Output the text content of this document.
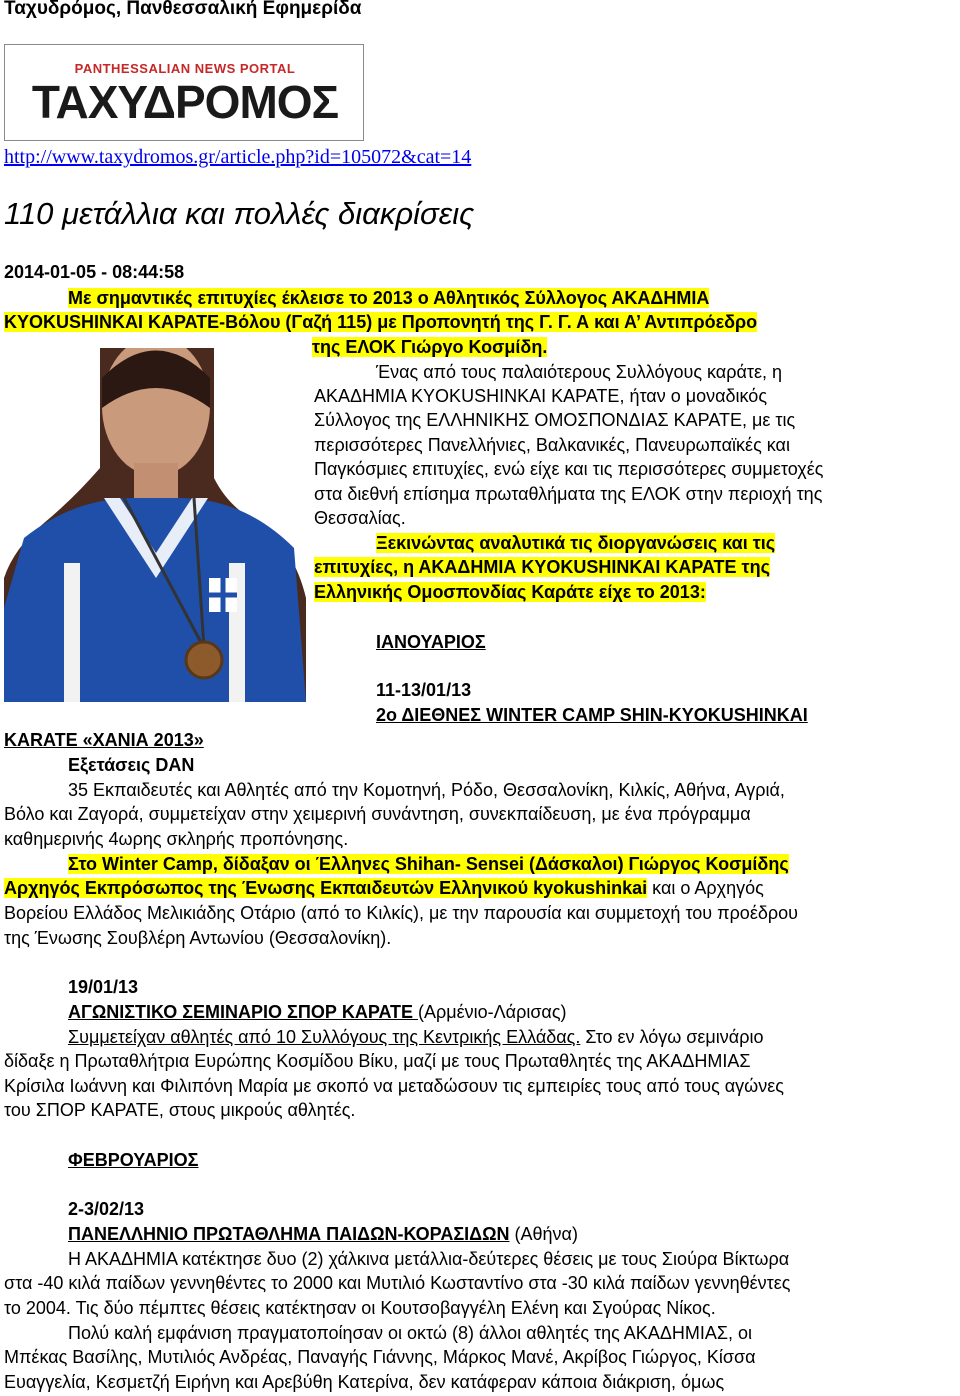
Ταχυδρόμος, Πανθεσσαλική Εφημερίδα
PANTHESSALIAN NEWS PORTAL
ΤΑΧΥΔΡΟΜΟΣ
http://www.taxydromos.gr/article.php?id=105072&cat=14
110 μετάλλια και πολλές διακρίσεις
2014-01-05 - 08:44:58
Με σημαντικές επιτυχίες έκλεισε το 2013 ο Αθλητικός Σύλλογος ΑΚΑΔΗΜΙΑ
KYOKUSHINKAI ΚΑΡΑΤΕ-Βόλου (Γαζή 115) με Προπονητή της Γ. Γ. Α και Α’ Αντιπρόεδρο
της ΕΛΟΚ Γιώργο Κοσμίδη.
Ένας από τους παλαιότερους Συλλόγους καράτε, η
ΑΚΑΔΗΜΙΑ KYOKUSHINKAI ΚΑΡΑΤΕ, ήταν ο μοναδικός
Σύλλογος της ΕΛΛΗΝΙΚΗΣ ΟΜΟΣΠΟΝΔΙΑΣ ΚΑΡΑΤΕ, με τις
περισσότερες Πανελλήνιες, Βαλκανικές, Πανευρωπαϊκές και
Παγκόσμιες επιτυχίες, ενώ είχε και τις περισσότερες συμμετοχές
στα διεθνή επίσημα πρωταθλήματα της ΕΛΟΚ στην περιοχή της
Θεσσαλίας.
Ξεκινώντας αναλυτικά τις διοργανώσεις και τις
επιτυχίες, η ΑΚΑΔΗΜΙΑ KYOKUSHINKAI ΚΑΡΑΤΕ της
Ελληνικής Ομοσπονδίας Καράτε είχε το 2013:
ΙΑΝΟΥΑΡΙΟΣ
11-13/01/13
2ο ΔΙΕΘΝΕΣ WINTER CAMP SHIN-KYOKUSHINKAI
ΚΑRATE «ΧΑΝΙΑ 2013»
Εξετάσεις DAN
35 Εκπαιδευτές και Αθλητές από την Κομοτηνή, Ρόδο, Θεσσαλονίκη, Κιλκίς, Αθήνα, Αγριά,
Βόλο και Ζαγορά, συμμετείχαν στην χειμερινή συνάντηση, συνεκπαίδευση, με ένα πρόγραμμα
καθημερινής 4ωρης σκληρής προπόνησης.
Στο Winter Camp, δίδαξαν οι Έλληνες Shihan- Sensei (Δάσκαλοι) Γιώργος Κοσμίδης
Αρχηγός Εκπρόσωπος της Ένωσης Εκπαιδευτών Ελληνικού kyokushinkai και ο Αρχηγός
Βορείου Ελλάδος Μελικιάδης Οτάριο (από το Κιλκίς), με την παρουσία και συμμετοχή του προέδρου
της Ένωσης Σουβλέρη Αντωνίου (Θεσσαλονίκη).
19/01/13
ΑΓΩΝΙΣΤΙΚΟ ΣΕΜΙΝΑΡΙΟ ΣΠΟΡ ΚΑΡΑΤΕ (Αρμένιο-Λάρισας)
Συμμετείχαν αθλητές από 10 Συλλόγους της Κεντρικής Ελλάδας. Στο εν λόγω σεμινάριο
δίδαξε η Πρωταθλήτρια Ευρώπης Κοσμίδου Βίκυ, μαζί με τους Πρωταθλητές της ΑΚΑΔΗΜΙΑΣ
Κρίσιλα Ιωάννη και Φιλιπόνη Μαρία με σκοπό να μεταδώσουν τις εμπειρίες τους από τους αγώνες
του ΣΠΟΡ ΚΑΡΑΤΕ, στους μικρούς αθλητές.
ΦΕΒΡΟΥΑΡΙΟΣ
2-3/02/13
ΠΑΝΕΛΛΗΝΙΟ ΠΡΩΤΑΘΛΗΜΑ ΠΑΙΔΩΝ-ΚΟΡΑΣΙΔΩΝ (Αθήνα)
Η ΑΚΑΔΗΜΙΑ κατέκτησε δυο (2) χάλκινα μετάλλια-δεύτερες θέσεις με τους Σιούρα Βίκτωρα
στα -40 κιλά παίδων γεννηθέντες το 2000 και Μυτιλιό Κωσταντίνο στα -30 κιλά παίδων γεννηθέντες
το 2004. Τις δύο πέμπτες θέσεις κατέκτησαν οι Κουτσοβαγγέλη Ελένη και Σγούρας Νίκος.
Πολύ καλή εμφάνιση πραγματοποίησαν οι οκτώ (8) άλλοι αθλητές της ΑΚΑΔΗΜΙΑΣ, οι
Μπέκας Βασίλης, Μυτιλιός Ανδρέας, Παναγής Γιάννης, Μάρκος Μανέ, Ακρίβος Γιώργος, Κίσσα
Ευαγγελία, Κεσμετζή Ειρήνη και Αρεβύθη Κατερίνα, δεν κατάφεραν κάποια διάκριση, όμως
